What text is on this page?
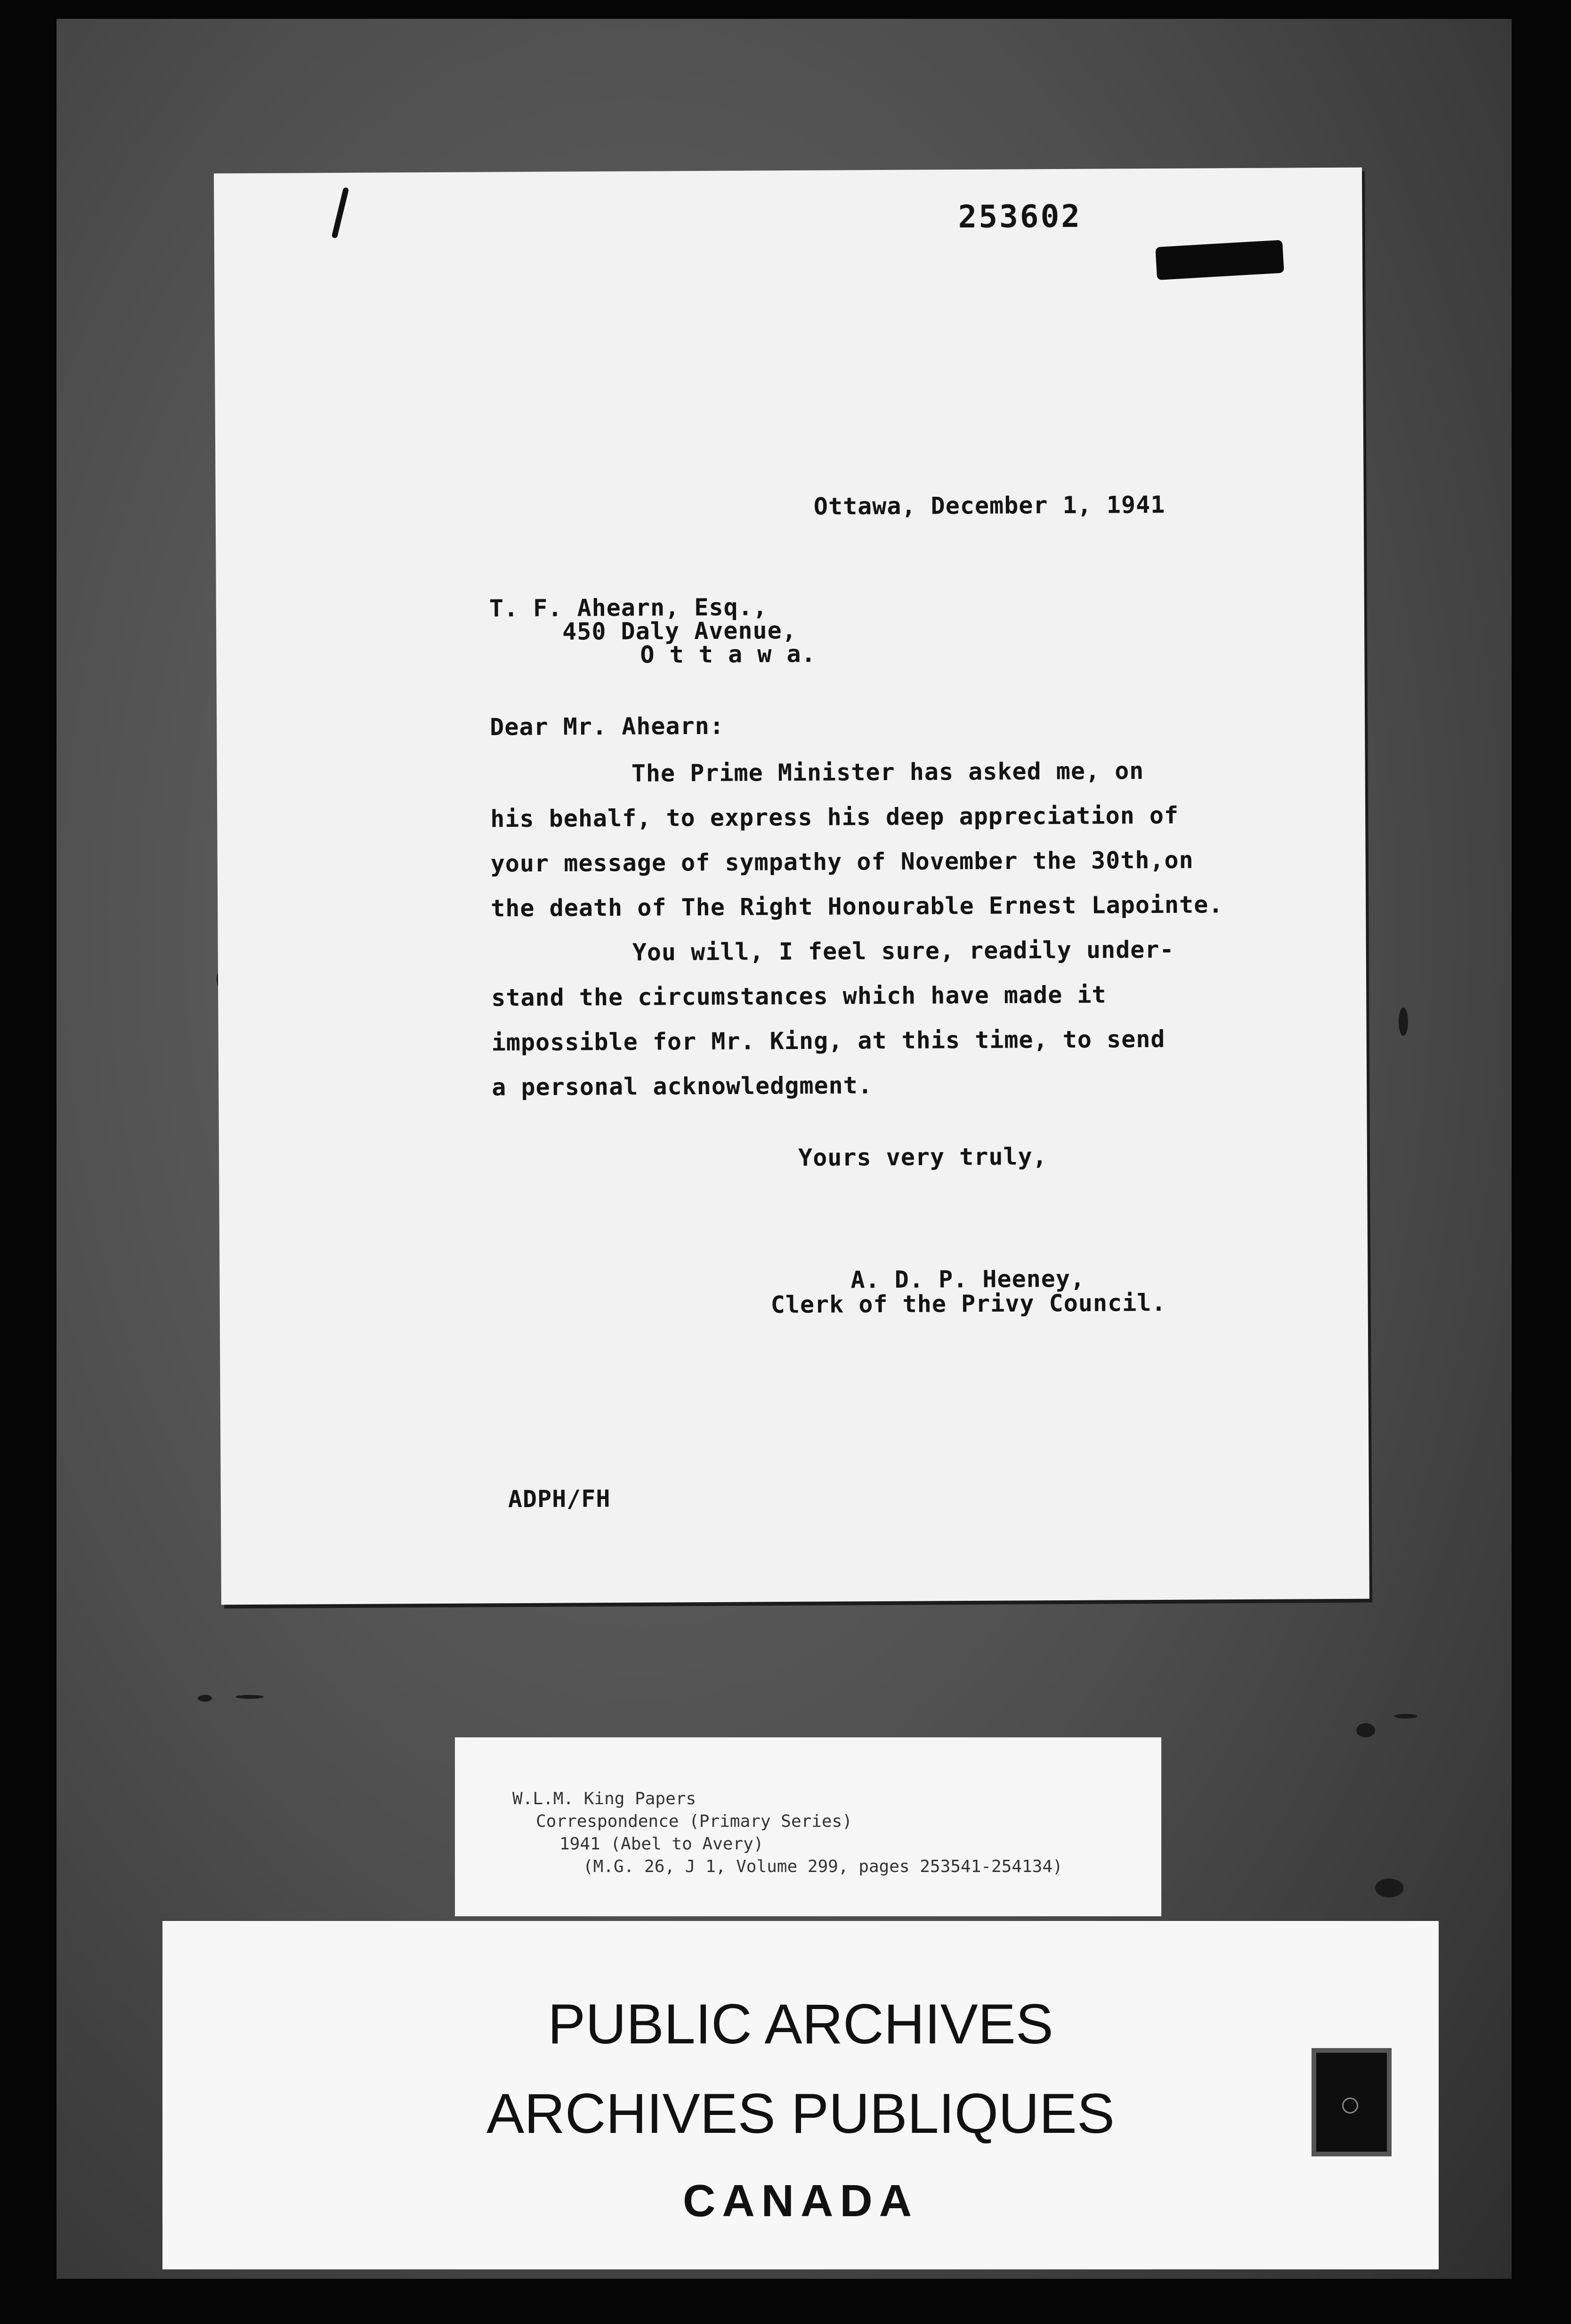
253602
Ottawa, December 1, 1941
T. F. Ahearn, Esq.,
450 Daly Avenue,
O t t a w a.
Dear Mr. Ahearn:
The Prime Minister has asked me, on
his behalf, to express his deep appreciation of
your message of sympathy of November the 30th,on
the death of The Right Honourable Ernest Lapointe.
You will, I feel sure, readily under-
stand the circumstances which have made it
impossible for Mr. King, at this time, to send
a personal acknowledgment.
Yours very truly,
A. D. P. Heeney,
Clerk of the Privy Council.
ADPH/FH
W.L.M. King Papers
Correspondence (Primary Series)
1941 (Abel to Avery)
(M.G. 26, J 1, Volume 299, pages 253541-254134)
PUBLIC ARCHIVES
ARCHIVES PUBLIQUES
CANADA
